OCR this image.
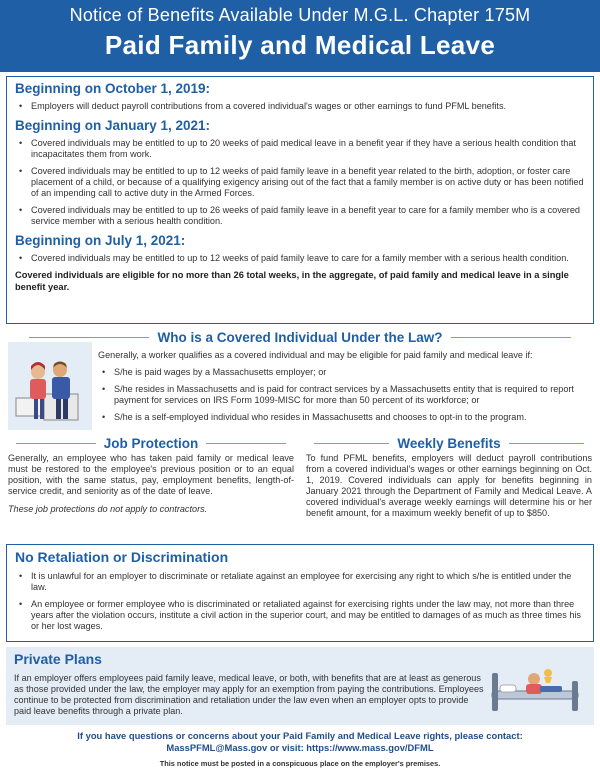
Notice of Benefits Available Under M.G.L. Chapter 175M
Paid Family and Medical Leave
Beginning on October 1, 2019:
• Employers will deduct payroll contributions from a covered individual's wages or other earnings to fund PFML benefits.
Beginning on January 1, 2021:
• Covered individuals may be entitled to up to 20 weeks of paid medical leave in a benefit year if they have a serious health condition that incapacitates them from work.
• Covered individuals may be entitled to up to 12 weeks of paid family leave in a benefit year related to the birth, adoption, or foster care placement of a child, or because of a qualifying exigency arising out of the fact that a family member is on active duty or has been notified of an impending call to active duty in the Armed Forces.
• Covered individuals may be entitled to up to 26 weeks of paid family leave in a benefit year to care for a family member who is a covered service member with a serious health condition.
Beginning on July 1, 2021:
• Covered individuals may be entitled to up to 12 weeks of paid family leave to care for a family member with a serious health condition.
Covered individuals are eligible for no more than 26 total weeks, in the aggregate, of paid family and medical leave in a single benefit year.
Who is a Covered Individual Under the Law?
Generally, a worker qualifies as a covered individual and may be eligible for paid family and medical leave if:
• S/he is paid wages by a Massachusetts employer; or
• S/he resides in Massachusetts and is paid for contract services by a Massachusetts entity that is required to report payment for services on IRS Form 1099-MISC for more than 50 percent of its workforce; or
• S/he is a self-employed individual who resides in Massachusetts and chooses to opt-in to the program.
Job Protection
Generally, an employee who has taken paid family or medical leave must be restored to the employee's previous position or to an equal position, with the same status, pay, employment benefits, length-of-service credit, and seniority as of the date of leave.
These job protections do not apply to contractors.
Weekly Benefits
To fund PFML benefits, employers will deduct payroll contributions from a covered individual's wages or other earnings beginning on Oct. 1, 2019. Covered individuals can apply for benefits beginning in January 2021 through the Department of Family and Medical Leave. A covered individual's average weekly earnings will determine his or her benefit amount, for a maximum weekly benefit of up to $850.
No Retaliation or Discrimination
• It is unlawful for an employer to discriminate or retaliate against an employee for exercising any right to which s/he is entitled under the law.
• An employee or former employee who is discriminated or retaliated against for exercising rights under the law may, not more than three years after the violation occurs, institute a civil action in the superior court, and may be entitled to damages of as much as three times his or her lost wages.
Private Plans
If an employer offers employees paid family leave, medical leave, or both, with benefits that are at least as generous as those provided under the law, the employer may apply for an exemption from paying the contributions. Employees continue to be protected from discrimination and retaliation under the law even when an employer opts to provide paid leave benefits through a private plan.
If you have questions or concerns about your Paid Family and Medical Leave rights, please contact:
MassPFML@Mass.gov or visit: https://www.mass.gov/DFML
This notice must be posted in a conspicuous place on the employer's premises.
